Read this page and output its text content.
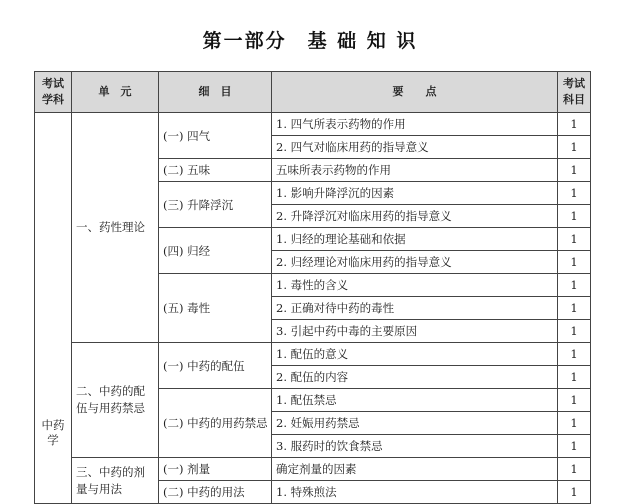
第一部分　基 础 知 识
考试学科	单　元	细　目	要　　点	考试科目
中药学	一、药性理论	(一) 四气	1. 四气所表示药物的作用	1
			2. 四气对临床用药的指导意义	1
		(二) 五味	五味所表示药物的作用	1
		(三) 升降浮沉	1. 影响升降浮沉的因素	1
			2. 升降浮沉对临床用药的指导意义	1
		(四) 归经	1. 归经的理论基础和依据	1
			2. 归经理论对临床用药的指导意义	1
		(五) 毒性	1. 毒性的含义	1
			2. 正确对待中药的毒性	1
			3. 引起中药中毒的主要原因	1
	二、中药的配伍与用药禁忌	(一) 中药的配伍	1. 配伍的意义	1
			2. 配伍的内容	1
		(二) 中药的用药禁忌	1. 配伍禁忌	1
			2. 妊娠用药禁忌	1
			3. 服药时的饮食禁忌	1
	三、中药的剂量与用法	(一) 剂量	确定剂量的因素	1
		(二) 中药的用法	1. 特殊煎法	1
